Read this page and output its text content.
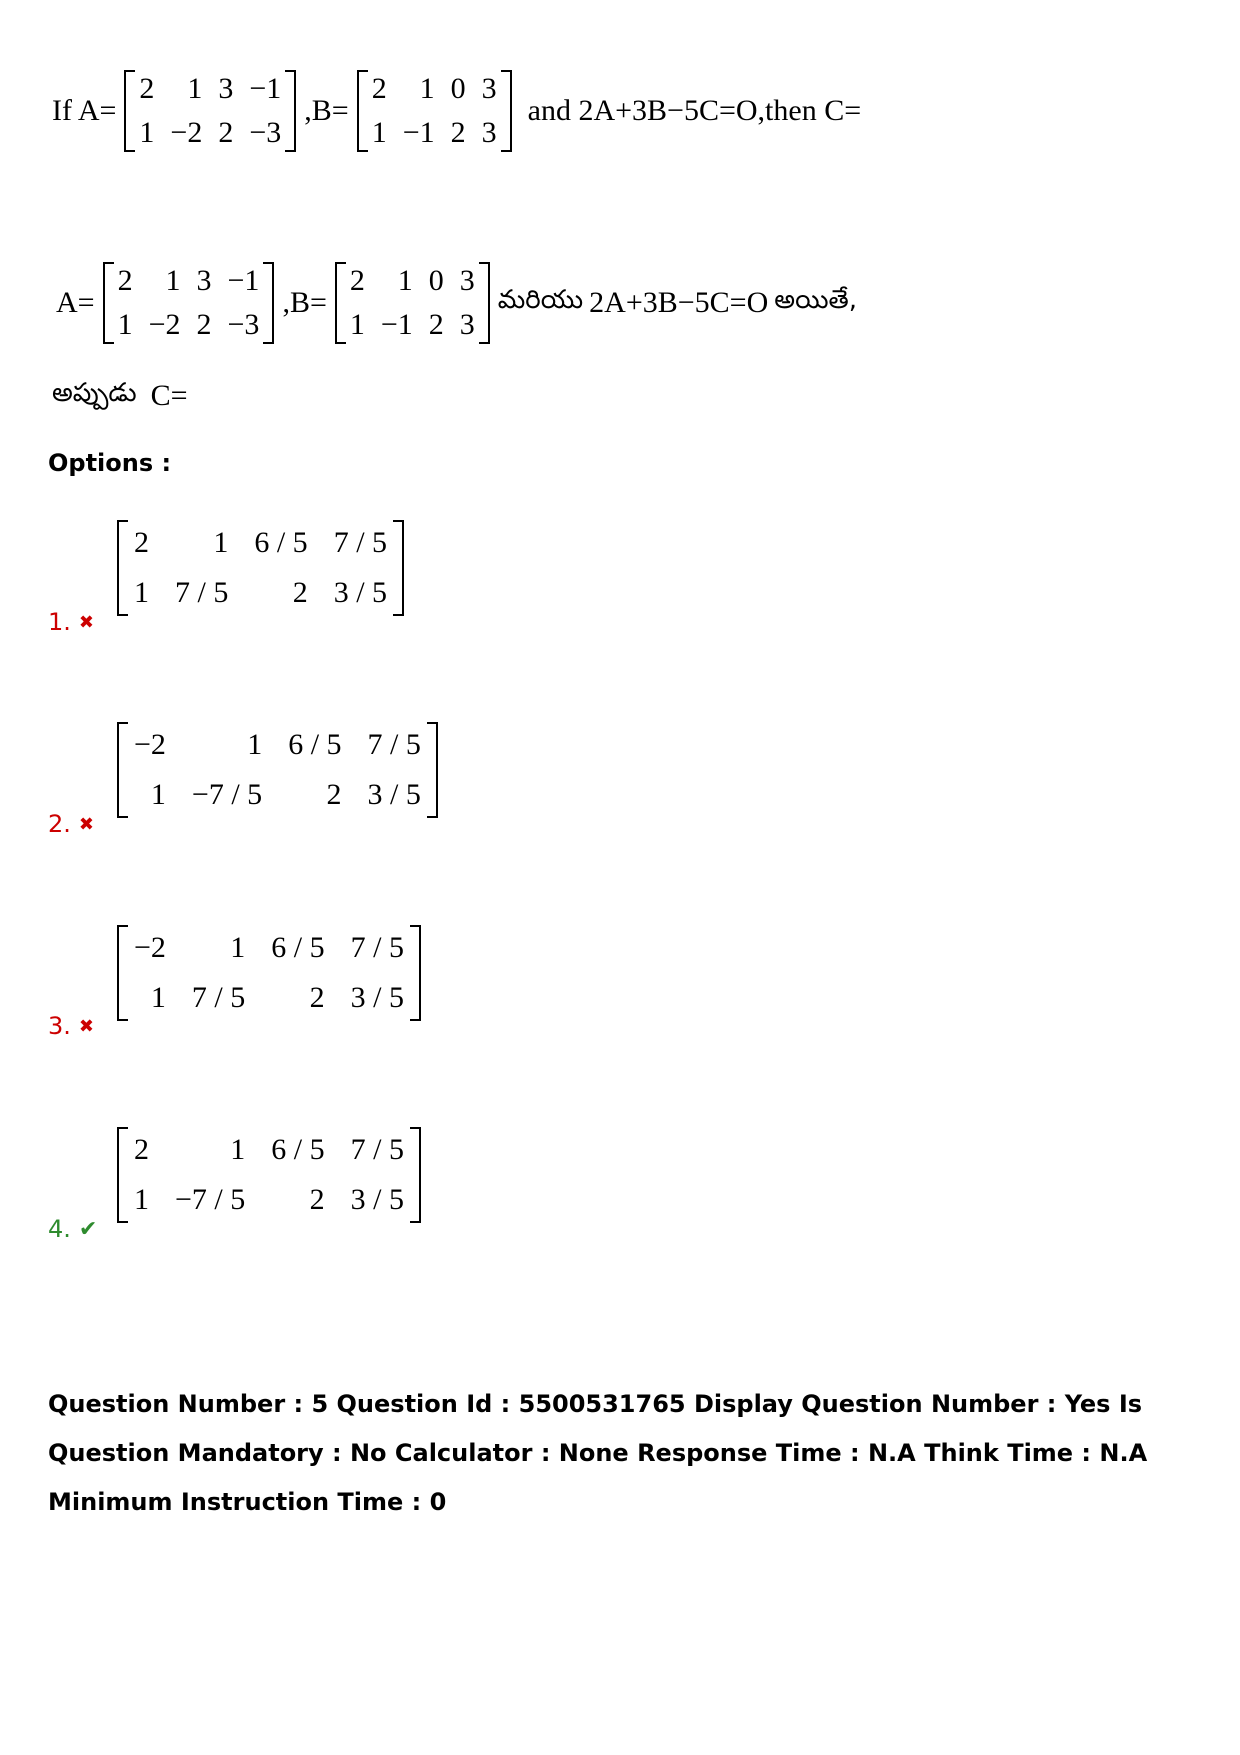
If A=
2	1 3 −1
1 −2 2 −3
,B=
2	1 0 3
1 −1 2 3
and 2A+3B−5C=O,then C=
A=
2	1 3 −1
1 −2 2 −3
,B=
2	1 0 3
1 −1 2 3
మరియు 2A+3B−5C=O అయితే,
అప్పుడు C=
Options :
2	1 6 / 5 7 / 5
1 7 / 5	2 3 / 5
1. ✖
−2	1 6 / 5 7 / 5
1 −7 / 5	2 3 / 5
2. ✖
−2	1 6 / 5 7 / 5
1 7 / 5	2 3 / 5
3. ✖
2	1 6 / 5 7 / 5
1 −7 / 5	2 3 / 5
4. ✔
Question Number : 5 Question Id : 5500531765 Display Question Number : Yes Is Question Mandatory : No Calculator : None Response Time : N.A Think Time : N.A Minimum Instruction Time : 0
